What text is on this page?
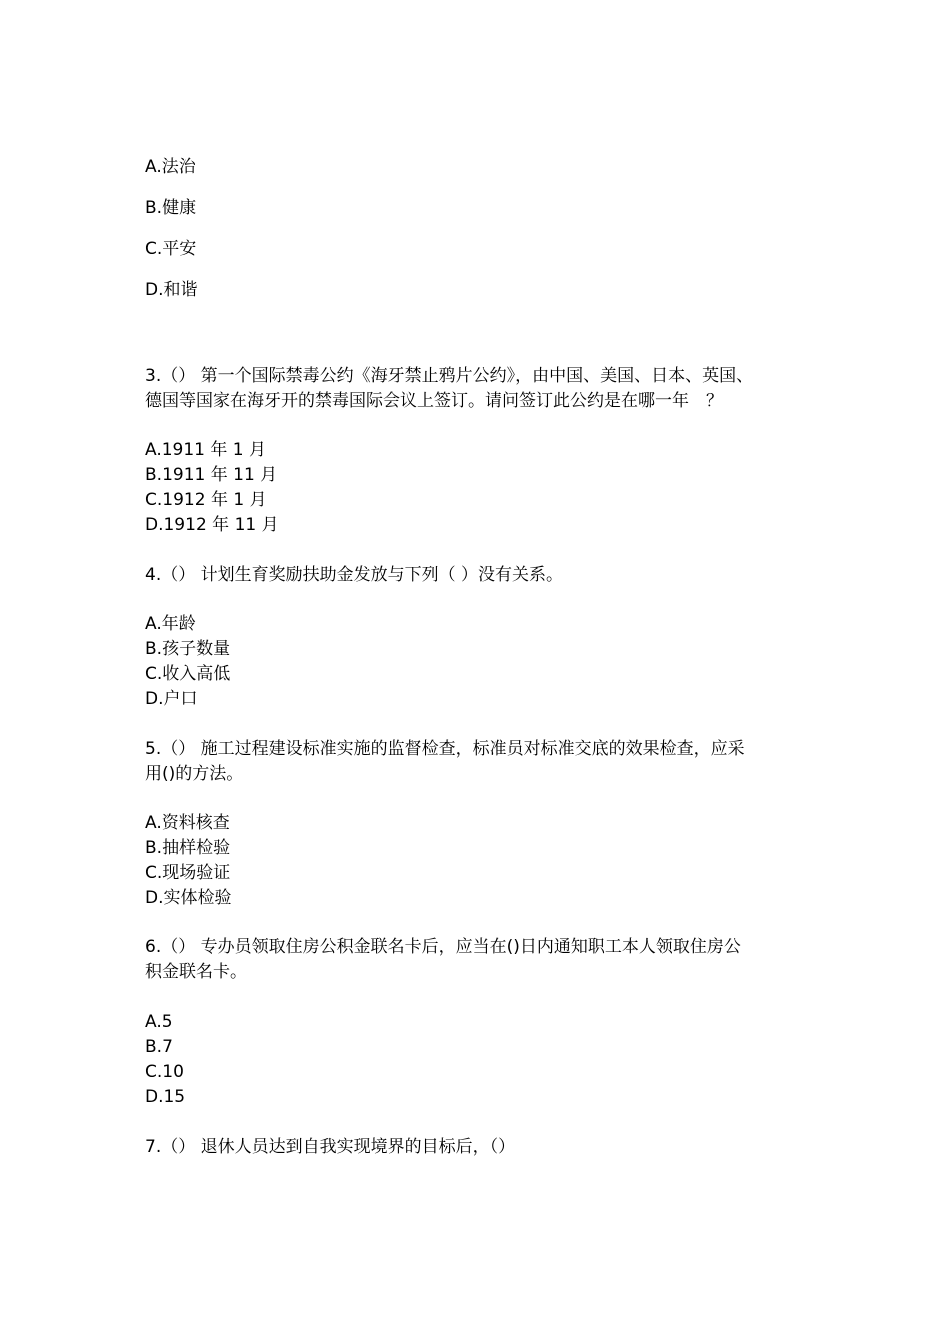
A.法治
B.健康
C.平安
D.和谐
3.（） 第一个国际禁毒公约《海牙禁止鸦片公约》，由中国、美国、日本、英国、
德国等国家在海牙开的禁毒国际会议上签订。请问签订此公约是在哪一年　？
A.1911 年 1 月
B.1911 年 11 月
C.1912 年 1 月
D.1912 年 11 月
4.（） 计划生育奖励扶助金发放与下列（ ）没有关系。
A.年龄
B.孩子数量
C.收入高低
D.户口
5.（） 施工过程建设标准实施的监督检查，标准员对标准交底的效果检查，应采
用()的方法。
A.资料核查
B.抽样检验
C.现场验证
D.实体检验
6.（） 专办员领取住房公积金联名卡后，应当在()日内通知职工本人领取住房公
积金联名卡。
A.5
B.7
C.10
D.15
7.（） 退休人员达到自我实现境界的目标后，（）
